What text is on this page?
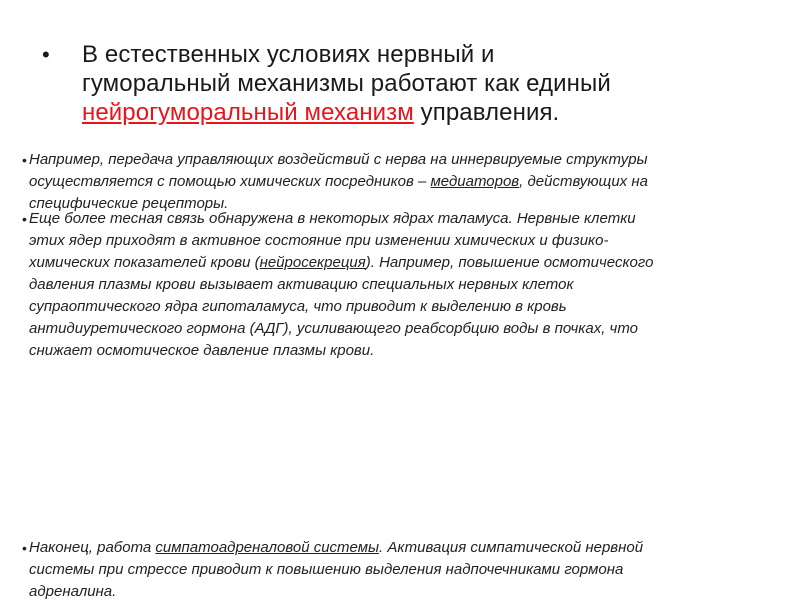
• В естественных условиях нервный и
гуморальный механизмы работают как единый
нейрогуморальный механизм управления.
• Например, передача управляющих воздействий с нерва на иннервируемые структуры
осуществляется с помощью химических посредников – медиаторов, действующих на
специфические рецепторы.
• Еще более тесная связь обнаружена в некоторых ядрах таламуса. Нервные клетки
этих ядер приходят в активное состояние при изменении химических и физико-
химических показателей крови (нейросекреция). Например, повышение осмотического
давления плазмы крови вызывает активацию специальных нервных клеток
супраоптического ядра гипоталамуса, что приводит к выделению в кровь
антидиуретического гормона (АДГ), усиливающего реабсорбцию воды в почках, что
снижает осмотическое давление плазмы крови.
• Наконец, работа симпатоадреналовой системы. Активация симпатической нервной
системы при стрессе приводит к повышению выделения надпочечниками гормона
адреналина.
